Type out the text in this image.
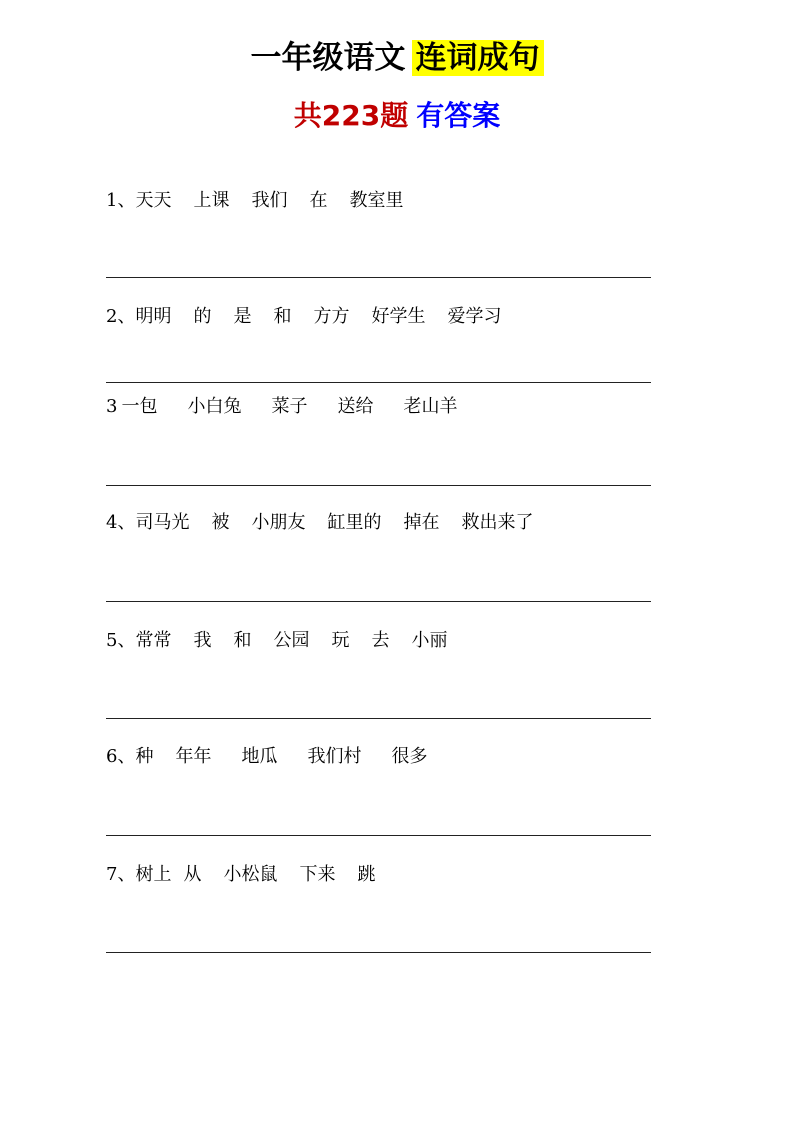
一年级语文 连词成句
共223题 有答案
1、天天 上课 我们 在 教室里
2、明明 的 是 和 方方 好学生 爱学习
3 一包 小白兔 菜子 送给 老山羊
4、司马光 被 小朋友 缸里的 掉在 救出来了
5、常常 我 和 公园 玩 去 小丽
6、种 年年 地瓜 我们村 很多
7、树上 从 小松鼠 下来 跳
